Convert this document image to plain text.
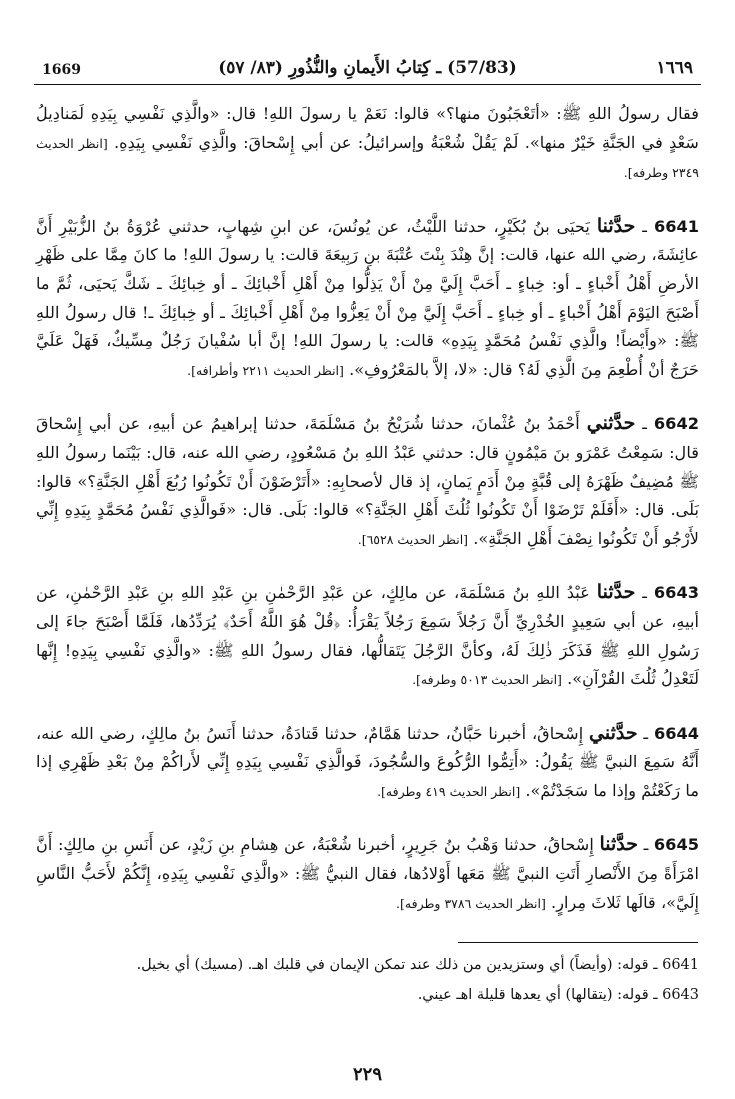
1669	(57/83) ـ كِتابُ الأَيمانِ والنُّذُورِ (٨٣/ ٥٧)	١٦٦٩

فقال رسولُ اللهِ ﷺ: «أتَعْجَبُونَ منها؟» قالوا: نَعَمْ يا رسولَ اللهِ! قال: «والَّذِي نَفْسِي بِيَدِهِ لَمَنادِيلُ سَعْدٍ في الجَنَّةِ خَيْرٌ منها». لَمْ يَقُلْ شُعْبَةُ وإسرائيلُ: عن أبي إِسْحاقَ: والَّذِي نَفْسِي بِيَدِهِ. [انظر الحديث ٢٣٤٩ وطرفه].

6641 ـ حدَّثنا يَحيَى بنُ بُكَيْرٍ، حدثنا اللَّيْثُ، عن يُونُسَ، عن ابنِ شِهابٍ، حدثني عُرْوَةُ بنُ الزُّبَيْرِ أَنَّ عائِشَةَ، رضي الله عنها، قالت: إنَّ هِنْدَ بِنْتَ عُتْبَةَ بنِ رَبِيعَةَ قالت: يا رسولَ اللهِ! ما كانَ مِمَّا على ظَهْرِ الأرضِ أَهْلُ أَخْباءٍ ـ أو: خِباءٍ ـ أَحَبَّ إِلَيَّ مِنْ أَنْ يَذِلُّوا مِنْ أَهْلِ أَخْبائِكَ ـ أو خِبائِكَ ـ شَكَّ يَحيَى، ثُمَّ ما أَصْبَحَ اليَوْمَ أَهْلُ أَخْباءٍ ـ أو خِباءٍ ـ أَحَبَّ إِلَيَّ مِنْ أَنْ يَعِزُّوا مِنْ أَهْلِ أَخْبائِكَ ـ أو خِبائِكَ ـ! قال رسولُ اللهِ ﷺ: «وأَيْضاً! والَّذِي نَفْسُ مُحَمَّدٍ بِيَدِهِ» قالت: يا رسولَ اللهِ! إنَّ أبا سُفْيانَ رَجُلٌ مِسِّيكٌ، فَهَلْ عَلَيَّ حَرَجٌ أنْ أُطْعِمَ مِنَ الَّذِي لَهُ؟ قال: «لا، إلاَّ بالمَعْرُوفِ». [انظر الحديث ٢٢١١ وأطرافه].

6642 ـ حدَّثني أَحْمَدُ بنُ عُثْمانَ، حدثنا شُرَيْحُ بنُ مَسْلَمَةَ، حدثنا إبراهيمُ عن أبيهِ، عن أبي إِسْحاقَ قال: سَمِعْتُ عَمْرَو بنَ مَيْمُونٍ قال: حدثني عَبْدُ اللهِ بنُ مَسْعُودٍ، رضي الله عنه، قال: بَيْنَما رسولُ اللهِ ﷺ مُضِيفٌ ظَهْرَهُ إلى قُبَّةٍ مِنْ أَدَمٍ يَمانٍ، إذ قال لأصحابِهِ: «أَتَرْضَوْنَ أَنْ تَكُونُوا رُبُعَ أَهْلِ الجَنَّةِ؟» قالوا: بَلَى. قال: «أَفَلَمْ تَرْضَوْا أَنْ تَكُونُوا ثُلُثَ أَهْلِ الجَنَّةِ؟» قالوا: بَلَى. قال: «فَوالَّذِي نَفْسُ مُحَمَّدٍ بِيَدِهِ إِنِّي لأَرْجُو أَنْ تَكُونُوا نِصْفَ أَهْلِ الجَنَّةِ». [انظر الحديث ٦٥٢٨].

6643 ـ حدَّثنا عَبْدُ اللهِ بنُ مَسْلَمَةَ، عن مالِكٍ، عن عَبْدِ الرَّحْمٰنِ بنِ عَبْدِ اللهِ بنِ عَبْدِ الرَّحْمٰنِ، عن أبيهِ، عن أبي سَعِيدٍ الخُدْرِيِّ أَنَّ رَجُلاً سَمِعَ رَجُلاً يَقْرَأُ: ﴿قُلْ هُوَ اللَّهُ أَحَدٌ﴾ يُرَدِّدُها، فَلَمَّا أَصْبَحَ جاءَ إلى رَسُولِ اللهِ ﷺ فَذَكَرَ ذٰلِكَ لَهُ، وكأنَّ الرَّجُلَ يَتَقالُّها، فقال رسولُ اللهِ ﷺ: «والَّذِي نَفْسِي بِيَدِهِ! إِنَّها لَتَعْدِلُ ثُلُثَ القُرْآنِ». [انظر الحديث ٥٠١٣ وطرفه].

6644 ـ حدَّثني إِسْحاقُ، أخبرنا حَبَّانُ، حدثنا هَمَّامٌ، حدثنا قَتادَةُ، حدثنا أَنَسُ بنُ مالِكٍ، رضي الله عنه، أَنَّهُ سَمِعَ النبيَّ ﷺ يَقُولُ: «أَتِمُّوا الرُّكُوعَ والسُّجُودَ، فَوالَّذِي نَفْسِي بِيَدِهِ إِنِّي لأَراكُمْ مِنْ بَعْدِ ظَهْرِي إذا ما رَكَعْتُمْ وإذا ما سَجَدْتُمْ». [انظر الحديث ٤١٩ وطرفه].

6645 ـ حدَّثنا إِسْحاقُ، حدثنا وَهْبُ بنُ جَرِيرٍ، أخبرنا شُعْبَةُ، عن هِشامِ بنِ زَيْدٍ، عن أَنَسِ بنِ مالِكٍ: أَنَّ امْرَأَةً مِنَ الأَنْصارِ أَتَتِ النبيَّ ﷺ مَعَها أَوْلادُها، فقال النبيُّ ﷺ: «والَّذِي نَفْسِي بِيَدِهِ، إِنَّكُمْ لأَحَبُّ النَّاسِ إِلَيَّ»، قالَها ثَلاثَ مِرارٍ. [انظر الحديث ٣٧٨٦ وطرفه].

6641 ـ قوله: (وأيضاً) أي وستزيدين من ذلك عند تمكن الإيمان في قلبك اهـ. (مسيك) أي بخيل.

6643 ـ قوله: (يتقالها) أي يعدها قليلة اهـ عيني.

٢٢٩
